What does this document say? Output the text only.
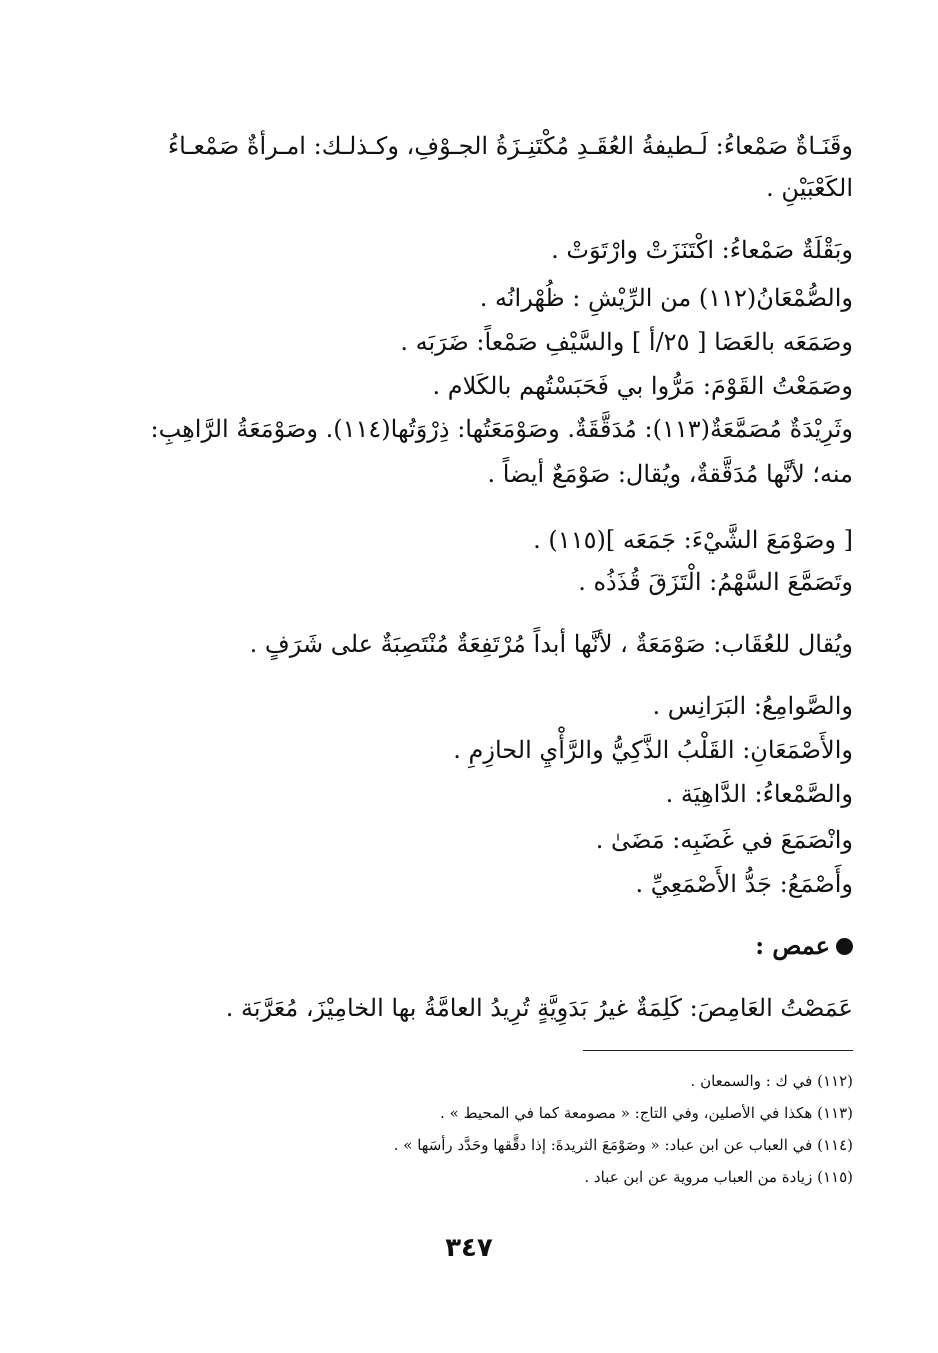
وقَنَـاةٌ صَمْعاءُ: لَـطيفةُ العُقَـدِ مُكْتَنِـزَةُ الجـوْفِ، وكـذلـك: امـرأةٌ صَمْعـاءُ
الكَعْبَيْنِ .
وبَقْلَةٌ صَمْعاءُ: اكْتَنَزَتْ وارْتَوَتْ .
والصُّمْعَانُ(١١٢) من الرِّيْشِ : ظُهْرانُه .
وصَمَعَه بالعَصَا [ ٢٥/أ ] والسَّيْفِ صَمْعاً: ضَرَبَه .
وصَمَعْتُ القَوْمَ: مَرُّوا بي فَحَبَسْتُهم بالكَلام .
وثَرِيْدَةٌ مُصَمَّعَةٌ(١١٣): مُدَقَّقَةٌ. وصَوْمَعَتُها: ذِرْوَتُها(١١٤). وصَوْمَعَةُ الرَّاهِبِ:
منه؛ لأنَّها مُدَقَّقةٌ، ويُقال: صَوْمَعٌ أيضاً .
[ وصَوْمَعَ الشَّيْءَ: جَمَعَه ](١١٥) .
وتَصَمَّعَ السَّهْمُ: الْتَزَقَ قُذَذُه .
ويُقال للعُقَاب: صَوْمَعَةٌ ، لأنَّها أبداً مُرْتَفِعَةٌ مُنْتَصِبَةٌ على شَرَفٍ .
والصَّوامِعُ: البَرَانِس .
والأَصْمَعَانِ: القَلْبُ الذَّكِيُّ والرَّأْيِ الحازِمِ .
والصَّمْعاءُ: الدَّاهِيَة .
وانْصَمَعَ في غَضَبِه: مَضَىٰ .
وأَصْمَعُ: جَدُّ الأَصْمَعِيِّ .
عمص :
عَمَصْتُ العَامِصَ: كَلِمَةٌ غيرُ بَدَوِيَّةٍ تُرِيدُ العامَّةُ بها الخامِيْزَ، مُعَرَّبَة .
(١١٢) في ك : والسمعان .
(١١٣) هكذا في الأصلين، وفي التاج: « مصومعة كما في المحيط » .
(١١٤) في العباب عن ابن عباد: « وصَوْمَعَ الثريدةَ: إذا دقَّقها وحَدَّد رأسَها » .
(١١٥) زيادة من العباب مروية عن ابن عباد .
٣٤٧
